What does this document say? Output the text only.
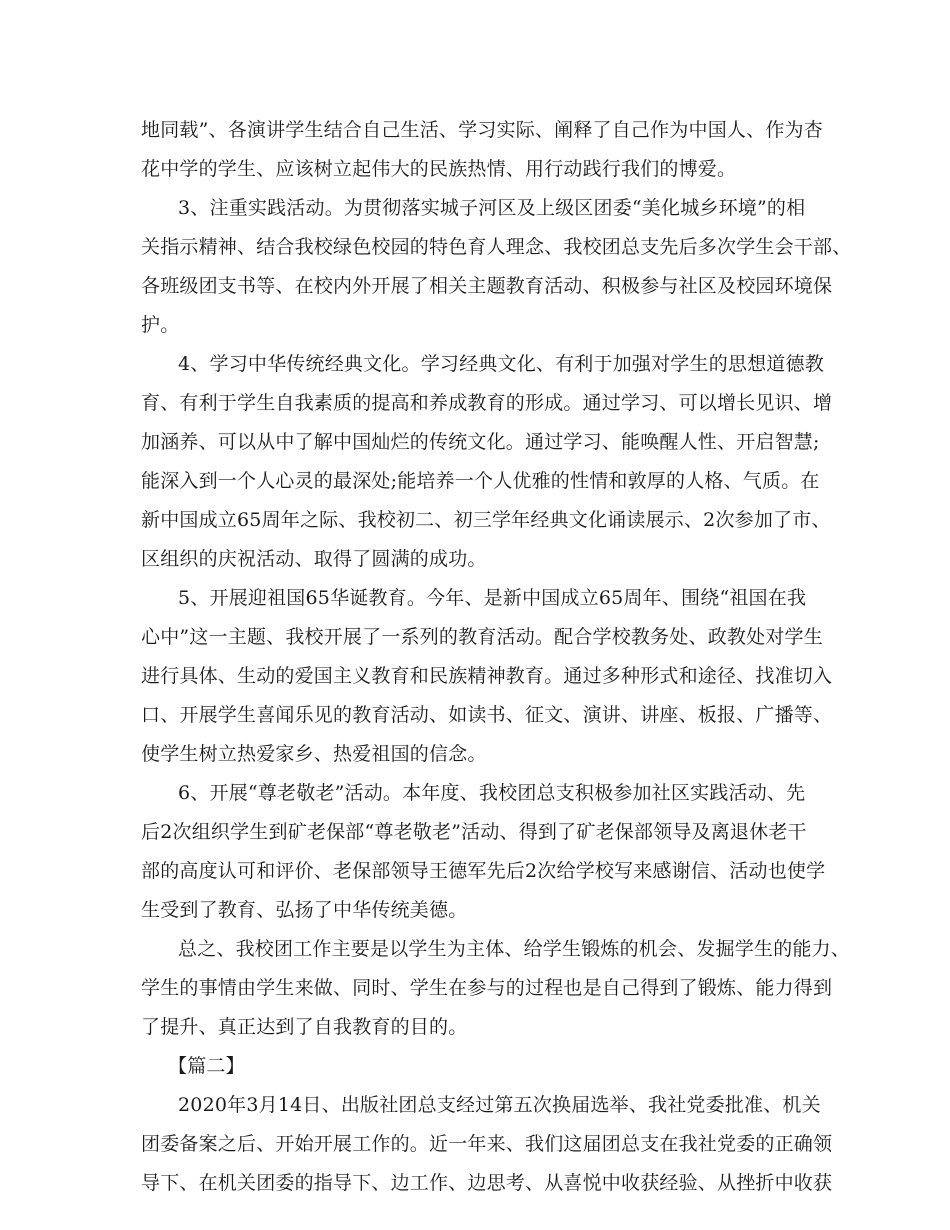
地同载”、各演讲学生结合自己生活、学习实际、阐释了自己作为中国人、作为杏
花中学的学生、应该树立起伟大的民族热情、用行动践行我们的博爱。
3、注重实践活动。为贯彻落实城子河区及上级区团委“美化城乡环境”的相
关指示精神、结合我校绿色校园的特色育人理念、我校团总支先后多次学生会干部、
各班级团支书等、在校内外开展了相关主题教育活动、积极参与社区及校园环境保
护。
4、学习中华传统经典文化。学习经典文化、有利于加强对学生的思想道德教
育、有利于学生自我素质的提高和养成教育的形成。通过学习、可以增长见识、增
加涵养、可以从中了解中国灿烂的传统文化。通过学习、能唤醒人性、开启智慧;
能深入到一个人心灵的最深处;能培养一个人优雅的性情和敦厚的人格、气质。在
新中国成立65周年之际、我校初二、初三学年经典文化诵读展示、2次参加了市、
区组织的庆祝活动、取得了圆满的成功。
5、开展迎祖国65华诞教育。今年、是新中国成立65周年、围绕“祖国在我
心中”这一主题、我校开展了一系列的教育活动。配合学校教务处、政教处对学生
进行具体、生动的爱国主义教育和民族精神教育。通过多种形式和途径、找准切入
口、开展学生喜闻乐见的教育活动、如读书、征文、演讲、讲座、板报、广播等、
使学生树立热爱家乡、热爱祖国的信念。
6、开展“尊老敬老”活动。本年度、我校团总支积极参加社区实践活动、先
后2次组织学生到矿老保部“尊老敬老”活动、得到了矿老保部领导及离退休老干
部的高度认可和评价、老保部领导王德军先后2次给学校写来感谢信、活动也使学
生受到了教育、弘扬了中华传统美德。
总之、我校团工作主要是以学生为主体、给学生锻炼的机会、发掘学生的能力、
学生的事情由学生来做、同时、学生在参与的过程也是自己得到了锻炼、能力得到
了提升、真正达到了自我教育的目的。
【篇二】
2020年3月14日、出版社团总支经过第五次换届选举、我社党委批准、机关
团委备案之后、开始开展工作的。近一年来、我们这届团总支在我社党委的正确领
导下、在机关团委的指导下、边工作、边思考、从喜悦中收获经验、从挫折中收获
